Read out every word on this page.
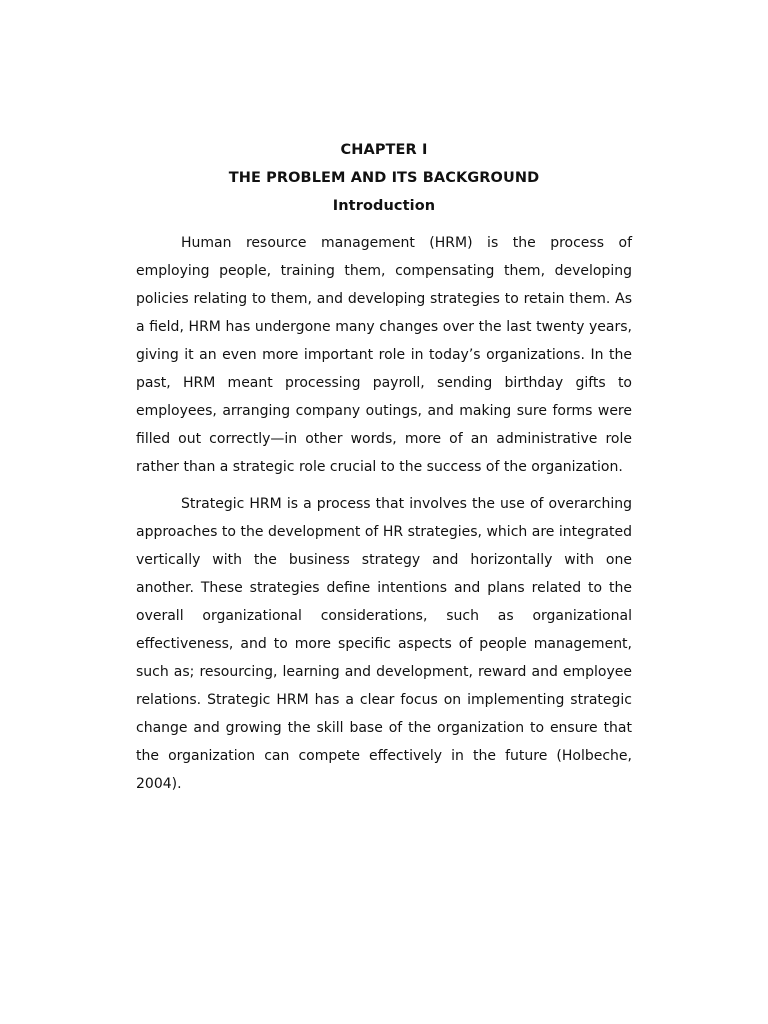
CHAPTER I
THE PROBLEM AND ITS BACKGROUND
Introduction

Human resource management (HRM) is the process of employing people, training them, compensating them, developing policies relating to them, and developing strategies to retain them. As a field, HRM has undergone many changes over the last twenty years, giving it an even more important role in today’s organizations. In the past, HRM meant processing payroll, sending birthday gifts to employees, arranging company outings, and making sure forms were filled out correctly—in other words, more of an administrative role rather than a strategic role crucial to the success of the organization.

Strategic HRM is a process that involves the use of overarching approaches to the development of HR strategies, which are integrated vertically with the business strategy and horizontally with one another. These strategies define intentions and plans related to the overall organizational considerations, such as organizational effectiveness, and to more specific aspects of people management, such as; resourcing, learning and development, reward and employee relations. Strategic HRM has a clear focus on implementing strategic change and growing the skill base of the organization to ensure that the organization can compete effectively in the future (Holbeche, 2004).
